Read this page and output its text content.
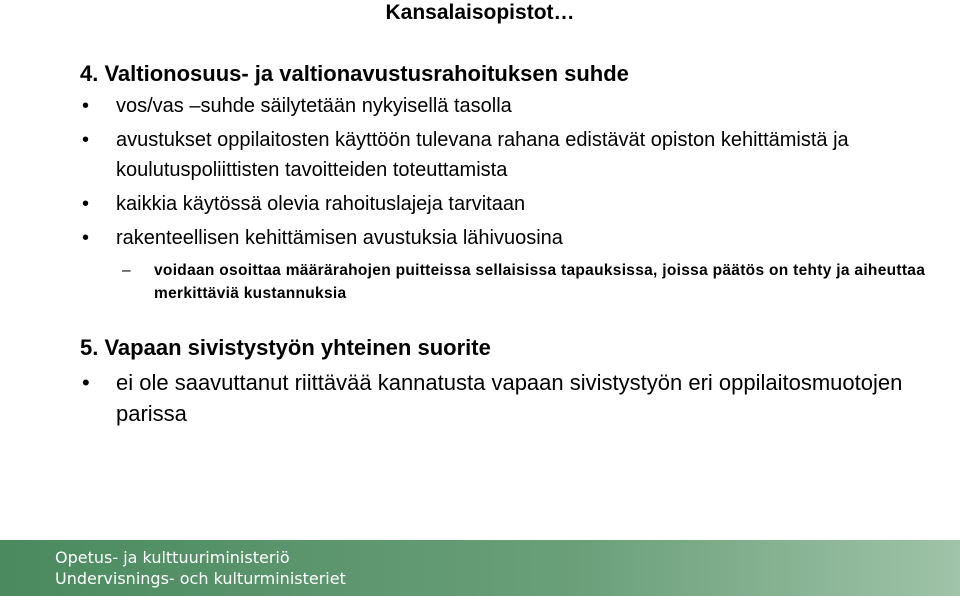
Kansalaisopistot…

4. Valtionosuus- ja valtionavustusrahoituksen suhde

• vos/vas –suhde säilytetään nykyisellä tasolla
• avustukset oppilaitosten käyttöön tulevana rahana edistävät opiston kehittämistä ja koulutuspoliittisten tavoitteiden toteuttamista
• kaikkia käytössä olevia rahoituslajeja tarvitaan
• rakenteellisen kehittämisen avustuksia lähivuosina
– voidaan osoittaa määrärahojen puitteissa sellaisissa tapauksissa, joissa päätös on tehty ja aiheuttaa merkittäviä kustannuksia

5. Vapaan sivistystyön yhteinen suorite

• ei ole saavuttanut riittävää kannatusta vapaan sivistystyön eri oppilaitosmuotojen parissa
Opetus- ja kulttuuriministeriö
Undervisnings- och kulturministeriet
